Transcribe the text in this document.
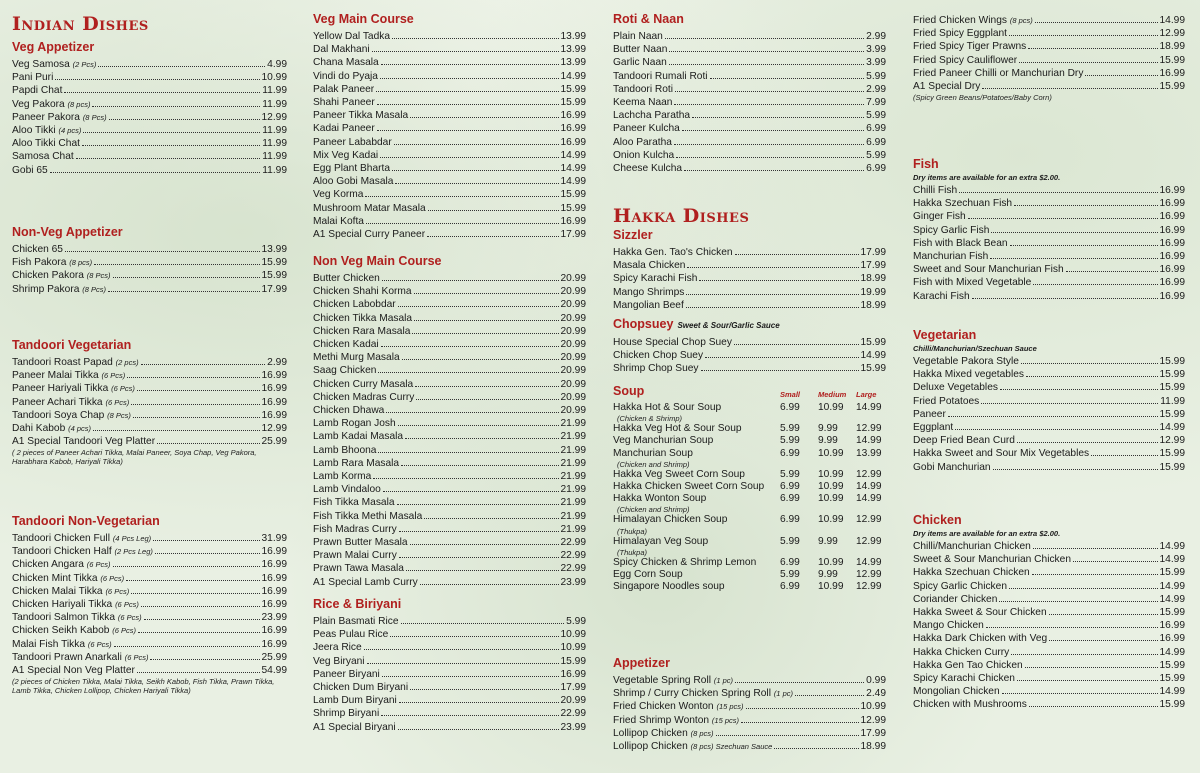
Indian Dishes
Veg Appetizer
Veg Samosa (2 Pcs)	4.99
Pani Puri	10.99
Papdi Chat	11.99
Veg Pakora (8 pcs)	11.99
Paneer Pakora (8 Pcs)	12.99
Aloo Tikki (4 pcs)	11.99
Aloo Tikki Chat	11.99
Samosa Chat	11.99
Gobi 65	11.99
Non-Veg Appetizer
Chicken 65	13.99
Fish Pakora (8 pcs)	15.99
Chicken Pakora (8 Pcs)	15.99
Shrimp Pakora (8 Pcs)	17.99
Tandoori Vegetarian
Tandoori Roast Papad (2 pcs)	2.99
Paneer Malai Tikka (6 Pcs)	16.99
Paneer Hariyali Tikka (6 Pcs)	16.99
Paneer Achari Tikka (6 Pcs)	16.99
Tandoori Soya Chap (8 Pcs)	16.99
Dahi Kabob (4 pcs)	12.99
A1 Special Tandoori Veg Platter	25.99
( 2 pieces of Paneer Achari Tikka, Malai Paneer, Soya Chap, Veg Pakora, Harabhara Kabob, Hariyali Tikka)
Tandoori Non-Vegetarian
Tandoori Chicken Full (4 Pcs Leg)	31.99
Tandoori Chicken Half (2 Pcs Leg)	16.99
Chicken Angara (6 Pcs)	16.99
Chicken Mint Tikka (6 Pcs)	16.99
Chicken Malai Tikka (6 Pcs)	16.99
Chicken Hariyali Tikka (6 Pcs)	16.99
Tandoori Salmon Tikka (6 Pcs)	23.99
Chicken Seikh Kabob (6 Pcs)	16.99
Malai Fish Tikka (6 Pcs)	16.99
Tandoori Prawn Anarkali (6 Pcs)	25.99
A1 Special Non Veg Platter	54.99
(2 pieces of Chicken Tikka, Malai Tikka, Seikh Kabob, Fish Tikka, Prawn Tikka, Lamb Tikka, Chicken Lollipop, Chicken Hariyali Tikka)
Veg Main Course
Yellow Dal Tadka	13.99
Dal Makhani	13.99
Chana Masala	13.99
Vindi do Pyaja	14.99
Palak Paneer	15.99
Shahi Paneer	15.99
Paneer Tikka Masala	16.99
Kadai Paneer	16.99
Paneer Lababdar	16.99
Mix Veg Kadai	14.99
Egg Plant Bharta	14.99
Aloo Gobi Masala	14.99
Veg Korma	15.99
Mushroom Matar Masala	15.99
Malai Kofta	16.99
A1 Special Curry Paneer	17.99
Non Veg Main Course
Butter Chicken	20.99
Chicken Shahi Korma	20.99
Chicken Labobdar	20.99
Chicken Tikka Masala	20.99
Chicken Rara Masala	20.99
Chicken Kadai	20.99
Methi Murg Masala	20.99
Saag Chicken	20.99
Chicken Curry Masala	20.99
Chicken Madras Curry	20.99
Chicken Dhawa	20.99
Lamb Rogan Josh	21.99
Lamb Kadai Masala	21.99
Lamb Bhoona	21.99
Lamb Rara Masala	21.99
Lamb Korma	21.99
Lamb Vindaloo	21.99
Fish Tikka Masala	21.99
Fish Tikka Methi Masala	21.99
Fish Madras Curry	21.99
Prawn Butter Masala	22.99
Prawn Malai Curry	22.99
Prawn Tawa Masala	22.99
A1 Special Lamb Curry	23.99
Rice & Biriyani
Plain Basmati Rice	5.99
Peas Pulau Rice	10.99
Jeera Rice	10.99
Veg Biryani	15.99
Paneer Biryani	16.99
Chicken Dum Biryani	17.99
Lamb Dum Biryani	20.99
Shrimp Biryani	22.99
A1 Special Biryani	23.99
Roti & Naan
Plain Naan	2.99
Butter Naan	3.99
Garlic Naan	3.99
Tandoori Rumali Roti	5.99
Tandoori Roti	2.99
Keema Naan	7.99
Lachcha Paratha	5.99
Paneer Kulcha	6.99
Aloo Paratha	6.99
Onion Kulcha	5.99
Cheese Kulcha	6.99
Hakka Dishes
Sizzler
Hakka Gen. Tao's Chicken	17.99
Masala Chicken	17.99
Spicy Karachi Fish	18.99
Mango Shrimps	19.99
Mangolian Beef	18.99
Chopsuey Sweet & Sour/Garlic Sauce
House Special Chop Suey	15.99
Chicken Chop Suey	14.99
Shrimp Chop Suey	15.99
Soup	Small	Medium	Large
Hakka Hot & Sour Soup	6.99	10.99	14.99
(Chicken & Shrimp)
Hakka Veg Hot & Sour Soup	5.99	9.99	12.99
Veg Manchurian Soup	5.99	9.99	14.99
Manchurian Soup	6.99	10.99	13.99
(Chicken and Shrimp)
Hakka Veg Sweet Corn Soup	5.99	10.99	12.99
Hakka Chicken Sweet Corn Soup	6.99	10.99	14.99
Hakka Wonton Soup	6.99	10.99	14.99
(Chicken and Shrimp)
Himalayan Chicken Soup	6.99	10.99	12.99
(Thukpa)
Himalayan Veg Soup	5.99	9.99	12.99
(Thukpa)
Spicy Chicken & Shrimp Lemon	6.99	10.99	14.99
Egg Corn Soup	5.99	9.99	12.99
Singapore Noodles soup	6.99	10.99	12.99
Appetizer
Vegetable Spring Roll (1 pc)	0.99
Shrimp / Curry Chicken Spring Roll (1 pc)	2.49
Fried Chicken Wonton (15 pcs)	10.99
Fried Shrimp Wonton (15 pcs)	12.99
Lollipop Chicken (8 pcs)	17.99
Lollipop Chicken (8 pcs) Szechuan Sauce	18.99
Fried Chicken Wings (8 pcs)	14.99
Fried Spicy Eggplant	12.99
Fried Spicy Tiger Prawns	18.99
Fried Spicy Cauliflower	15.99
Fried Paneer Chilli or Manchurian Dry	16.99
A1 Special Dry	15.99
(Spicy Green Beans/Potatoes/Baby Corn)
Fish
Dry items are available for an extra $2.00.
Chilli Fish	16.99
Hakka Szechuan Fish	16.99
Ginger Fish	16.99
Spicy Garlic Fish	16.99
Fish with Black Bean	16.99
Manchurian Fish	16.99
Sweet and Sour Manchurian Fish	16.99
Fish with Mixed Vegetable	16.99
Karachi Fish	16.99
Vegetarian
Chilli/Manchurian/Szechuan Sauce
Vegetable Pakora Style	15.99
Hakka Mixed vegetables	15.99
Deluxe Vegetables	15.99
Fried Potatoes	11.99
Paneer	15.99
Eggplant	14.99
Deep Fried Bean Curd	12.99
Hakka Sweet and Sour Mix Vegetables	15.99
Gobi Manchurian	15.99
Chicken
Dry items are available for an extra $2.00.
Chilli/Manchurian Chicken	14.99
Sweet & Sour Manchurian Chicken	14.99
Hakka Szechuan Chicken	15.99
Spicy Garlic Chicken	14.99
Coriander Chicken	14.99
Hakka Sweet & Sour Chicken	15.99
Mango Chicken	16.99
Hakka Dark Chicken with Veg	16.99
Hakka Chicken Curry	14.99
Hakka Gen Tao Chicken	15.99
Spicy Karachi Chicken	15.99
Mongolian Chicken	14.99
Chicken with Mushrooms	15.99
